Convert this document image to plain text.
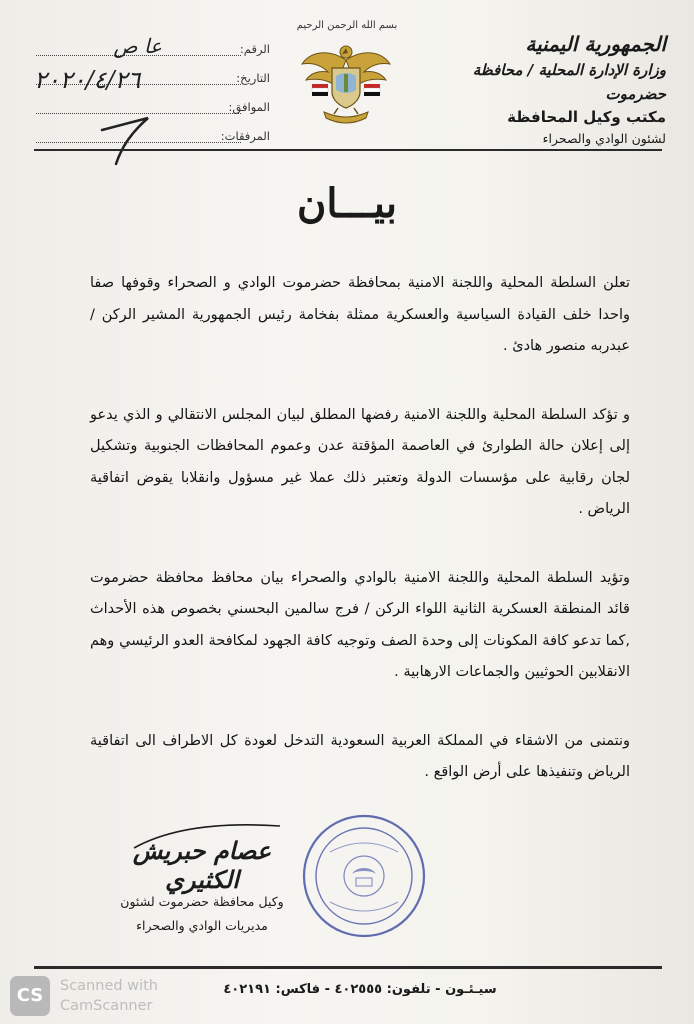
الجمهورية اليمنية
وزارة الإدارة المحلية / محافظة حضرموت
مكتب وكيل المحافظة
لشئون الوادي والصحراء
بسم الله الرحمن الرحيم
الرقم:
التاريخ:
الموافق:
المرفقات:
عا ص
٢٠٢٠/٤/٢٦
بيـــان

تعلن السلطة المحلية واللجنة الامنية بمحافظة حضرموت الوادي و الصحراء وقوفها صفا واحدا خلف القيادة السياسية والعسكرية ممثلة بفخامة رئيس الجمهورية المشير الركن / عبدربه منصور هادئ .

و تؤكد السلطة المحلية واللجنة الامنية رفضها المطلق لبيان المجلس الانتقالي و الذي يدعو إلى إعلان حالة الطوارئ في العاصمة المؤقتة عدن وعموم المحافظات الجنوبية وتشكيل لجان رقابية على مؤسسات الدولة وتعتبر ذلك عملا غير مسؤول وانقلابا يقوض اتفاقية الرياض .

وتؤيد السلطة المحلية واللجنة الامنية بالوادي والصحراء بيان محافظ محافظة حضرموت قائد المنطقة العسكرية الثانية اللواء الركن / فرج سالمين البحسني بخصوص هذه الأحداث ,كما تدعو كافة المكونات إلى وحدة الصف وتوجيه كافة الجهود لمكافحة العدو الرئيسي وهم الانقلابين الحوثيين والجماعات الارهابية .

ونتمنى من الاشقاء في المملكة العربية السعودية التدخل لعودة كل الاطراف الى اتفاقية الرياض وتنفيذها على أرض الواقع .

عصام حبريش الكثيري
وكيل محافظة حضرموت لشئون
مديريات الوادي والصحراء
سيـئـون - تلفون: ٤٠٢٥٥٥ - فاكس: ٤٠٢١٩١
CS	Scanned with
CamScanner
